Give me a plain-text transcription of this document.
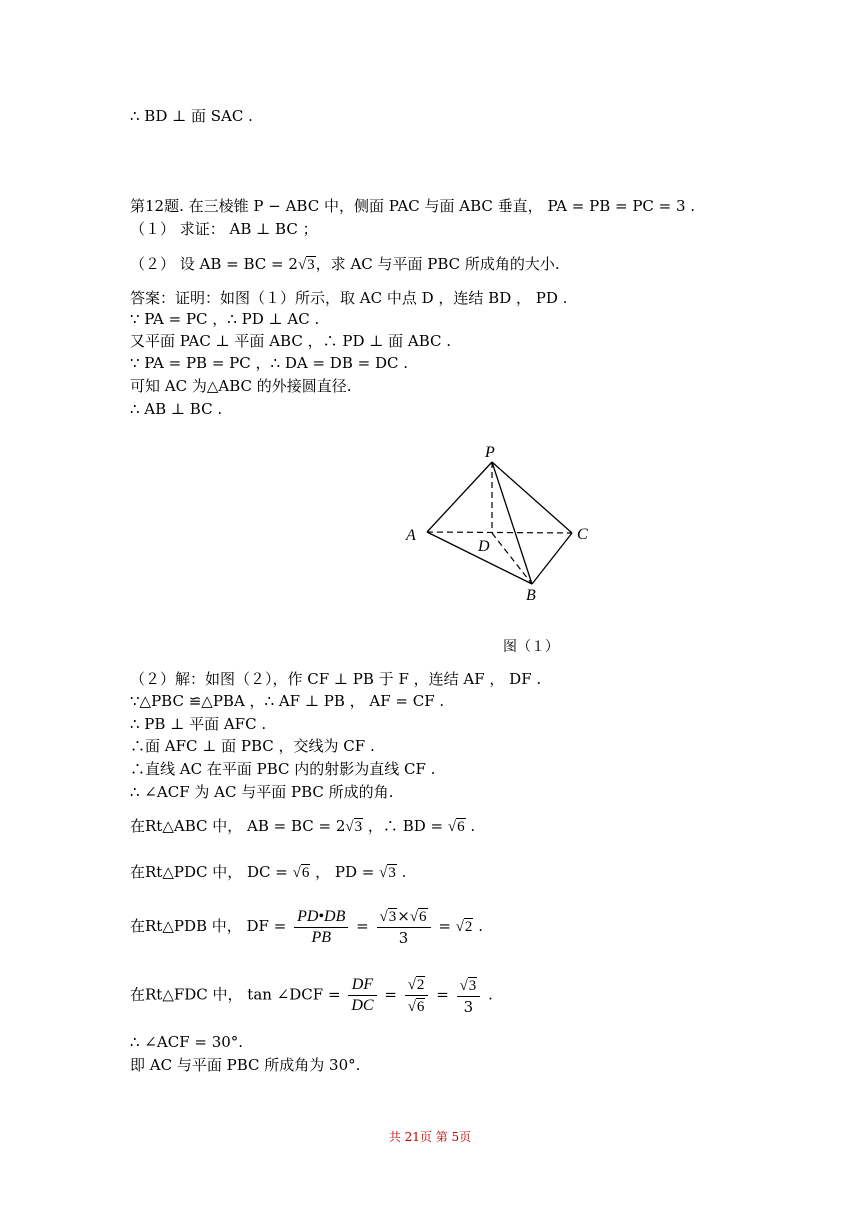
∴ BD ⊥ 面 SAC .
第12题. 在三棱锥 P − ABC 中，侧面 PAC 与面 ABC 垂直， PA = PB = PC = 3 .
（１） 求证： AB ⊥ BC ；
（２） 设 AB = BC = 2√3，求 AC 与平面 PBC 所成角的大小.
答案：证明：如图（１）所示，取 AC 中点 D ，连结 BD ， PD .
∵ PA = PC ，∴ PD ⊥ AC .
又平面 PAC ⊥ 平面 ABC ，∴ PD ⊥ 面 ABC .
∵ PA = PB = PC ，∴ DA = DB = DC .
可知 AC 为△ABC 的外接圆直径.
∴ AB ⊥ BC .
P
A	C
D
B
图（１）
（２）解：如图（２），作 CF ⊥ PB 于 F ，连结 AF ， DF .
∵△PBC ≌△PBA ，∴ AF ⊥ PB ， AF = CF .
∴ PB ⊥ 平面 AFC .
∴面 AFC ⊥ 面 PBC ，交线为 CF .
∴直线 AC 在平面 PBC 内的射影为直线 CF .
∴ ∠ACF 为 AC 与平面 PBC 所成的角.
在Rt△ABC 中， AB = BC = 2√3 ，∴ BD = √6 .
在Rt△PDC 中， DC = √6 ， PD = √3 .
在Rt△PDB 中， DF = $\frac{PD•DB}{PB} = \frac{√3\times√6}{3} = √2$ .
在Rt△FDC 中， tan ∠DCF = $\frac{DF}{DC} = \frac{√2}{√6} = \frac{√3}{3}$ .
∴ ∠ACF = 30°.
即 AC 与平面 PBC 所成角为 30°.
共 21页 第 5页
